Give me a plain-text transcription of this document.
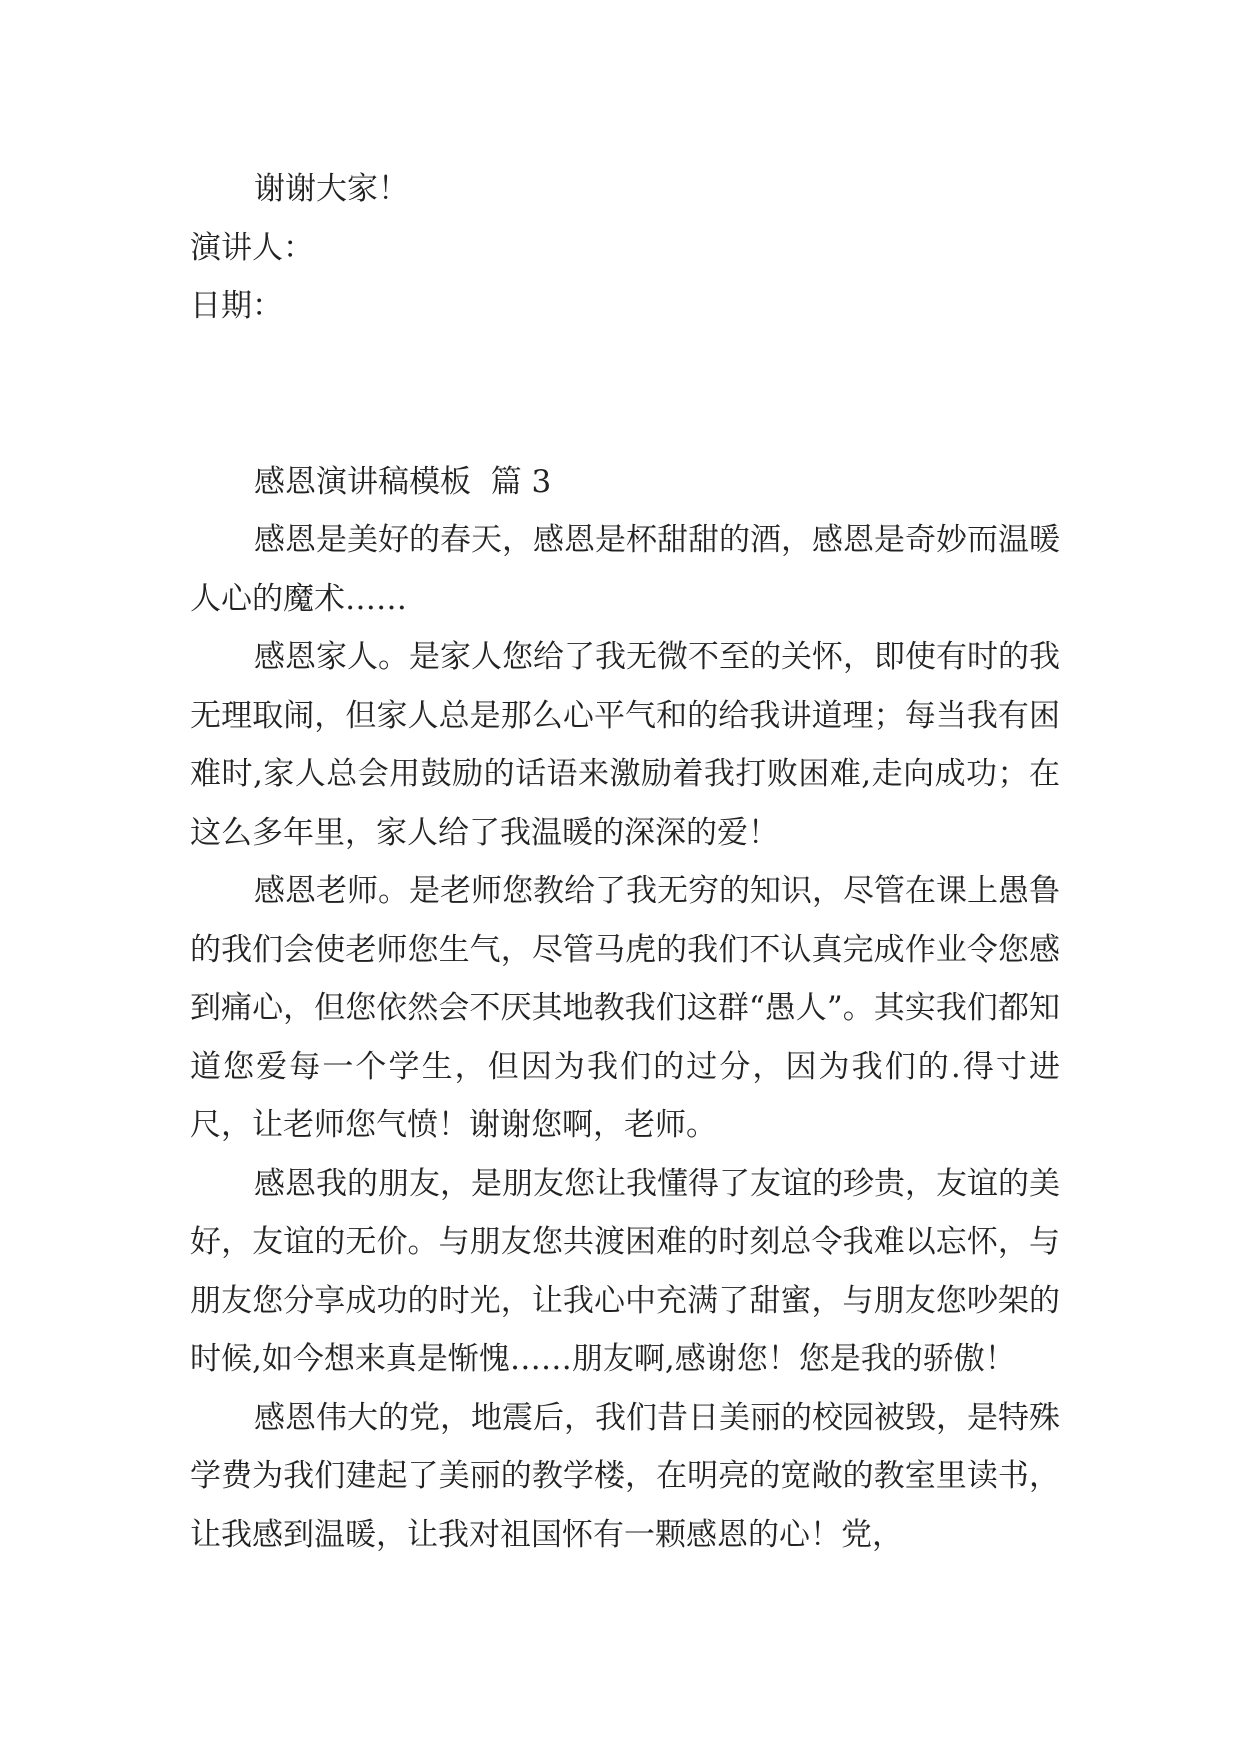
谢谢大家！

演讲人：

日期：

感恩演讲稿模板  篇 3

感恩是美好的春天，感恩是杯甜甜的酒，感恩是奇妙而温暖人心的魔术……

感恩家人。是家人您给了我无微不至的关怀，即使有时的我无理取闹，但家人总是那么心平气和的给我讲道理；每当我有困难时,家人总会用鼓励的话语来激励着我打败困难,走向成功；在这么多年里，家人给了我温暖的深深的爱！

感恩老师。是老师您教给了我无穷的知识，尽管在课上愚鲁的我们会使老师您生气，尽管马虎的我们不认真完成作业令您感到痛心，但您依然会不厌其地教我们这群“愚人”。其实我们都知道您爱每一个学生，但因为我们的过分，因为我们的.得寸进尺，让老师您气愤！谢谢您啊，老师。

感恩我的朋友，是朋友您让我懂得了友谊的珍贵，友谊的美好，友谊的无价。与朋友您共渡困难的时刻总令我难以忘怀，与朋友您分享成功的时光，让我心中充满了甜蜜，与朋友您吵架的时候,如今想来真是惭愧……朋友啊,感谢您！您是我的骄傲！

感恩伟大的党，地震后，我们昔日美丽的校园被毁，是特殊学费为我们建起了美丽的教学楼，在明亮的宽敞的教室里读书，让我感到温暖，让我对祖国怀有一颗感恩的心！党，
